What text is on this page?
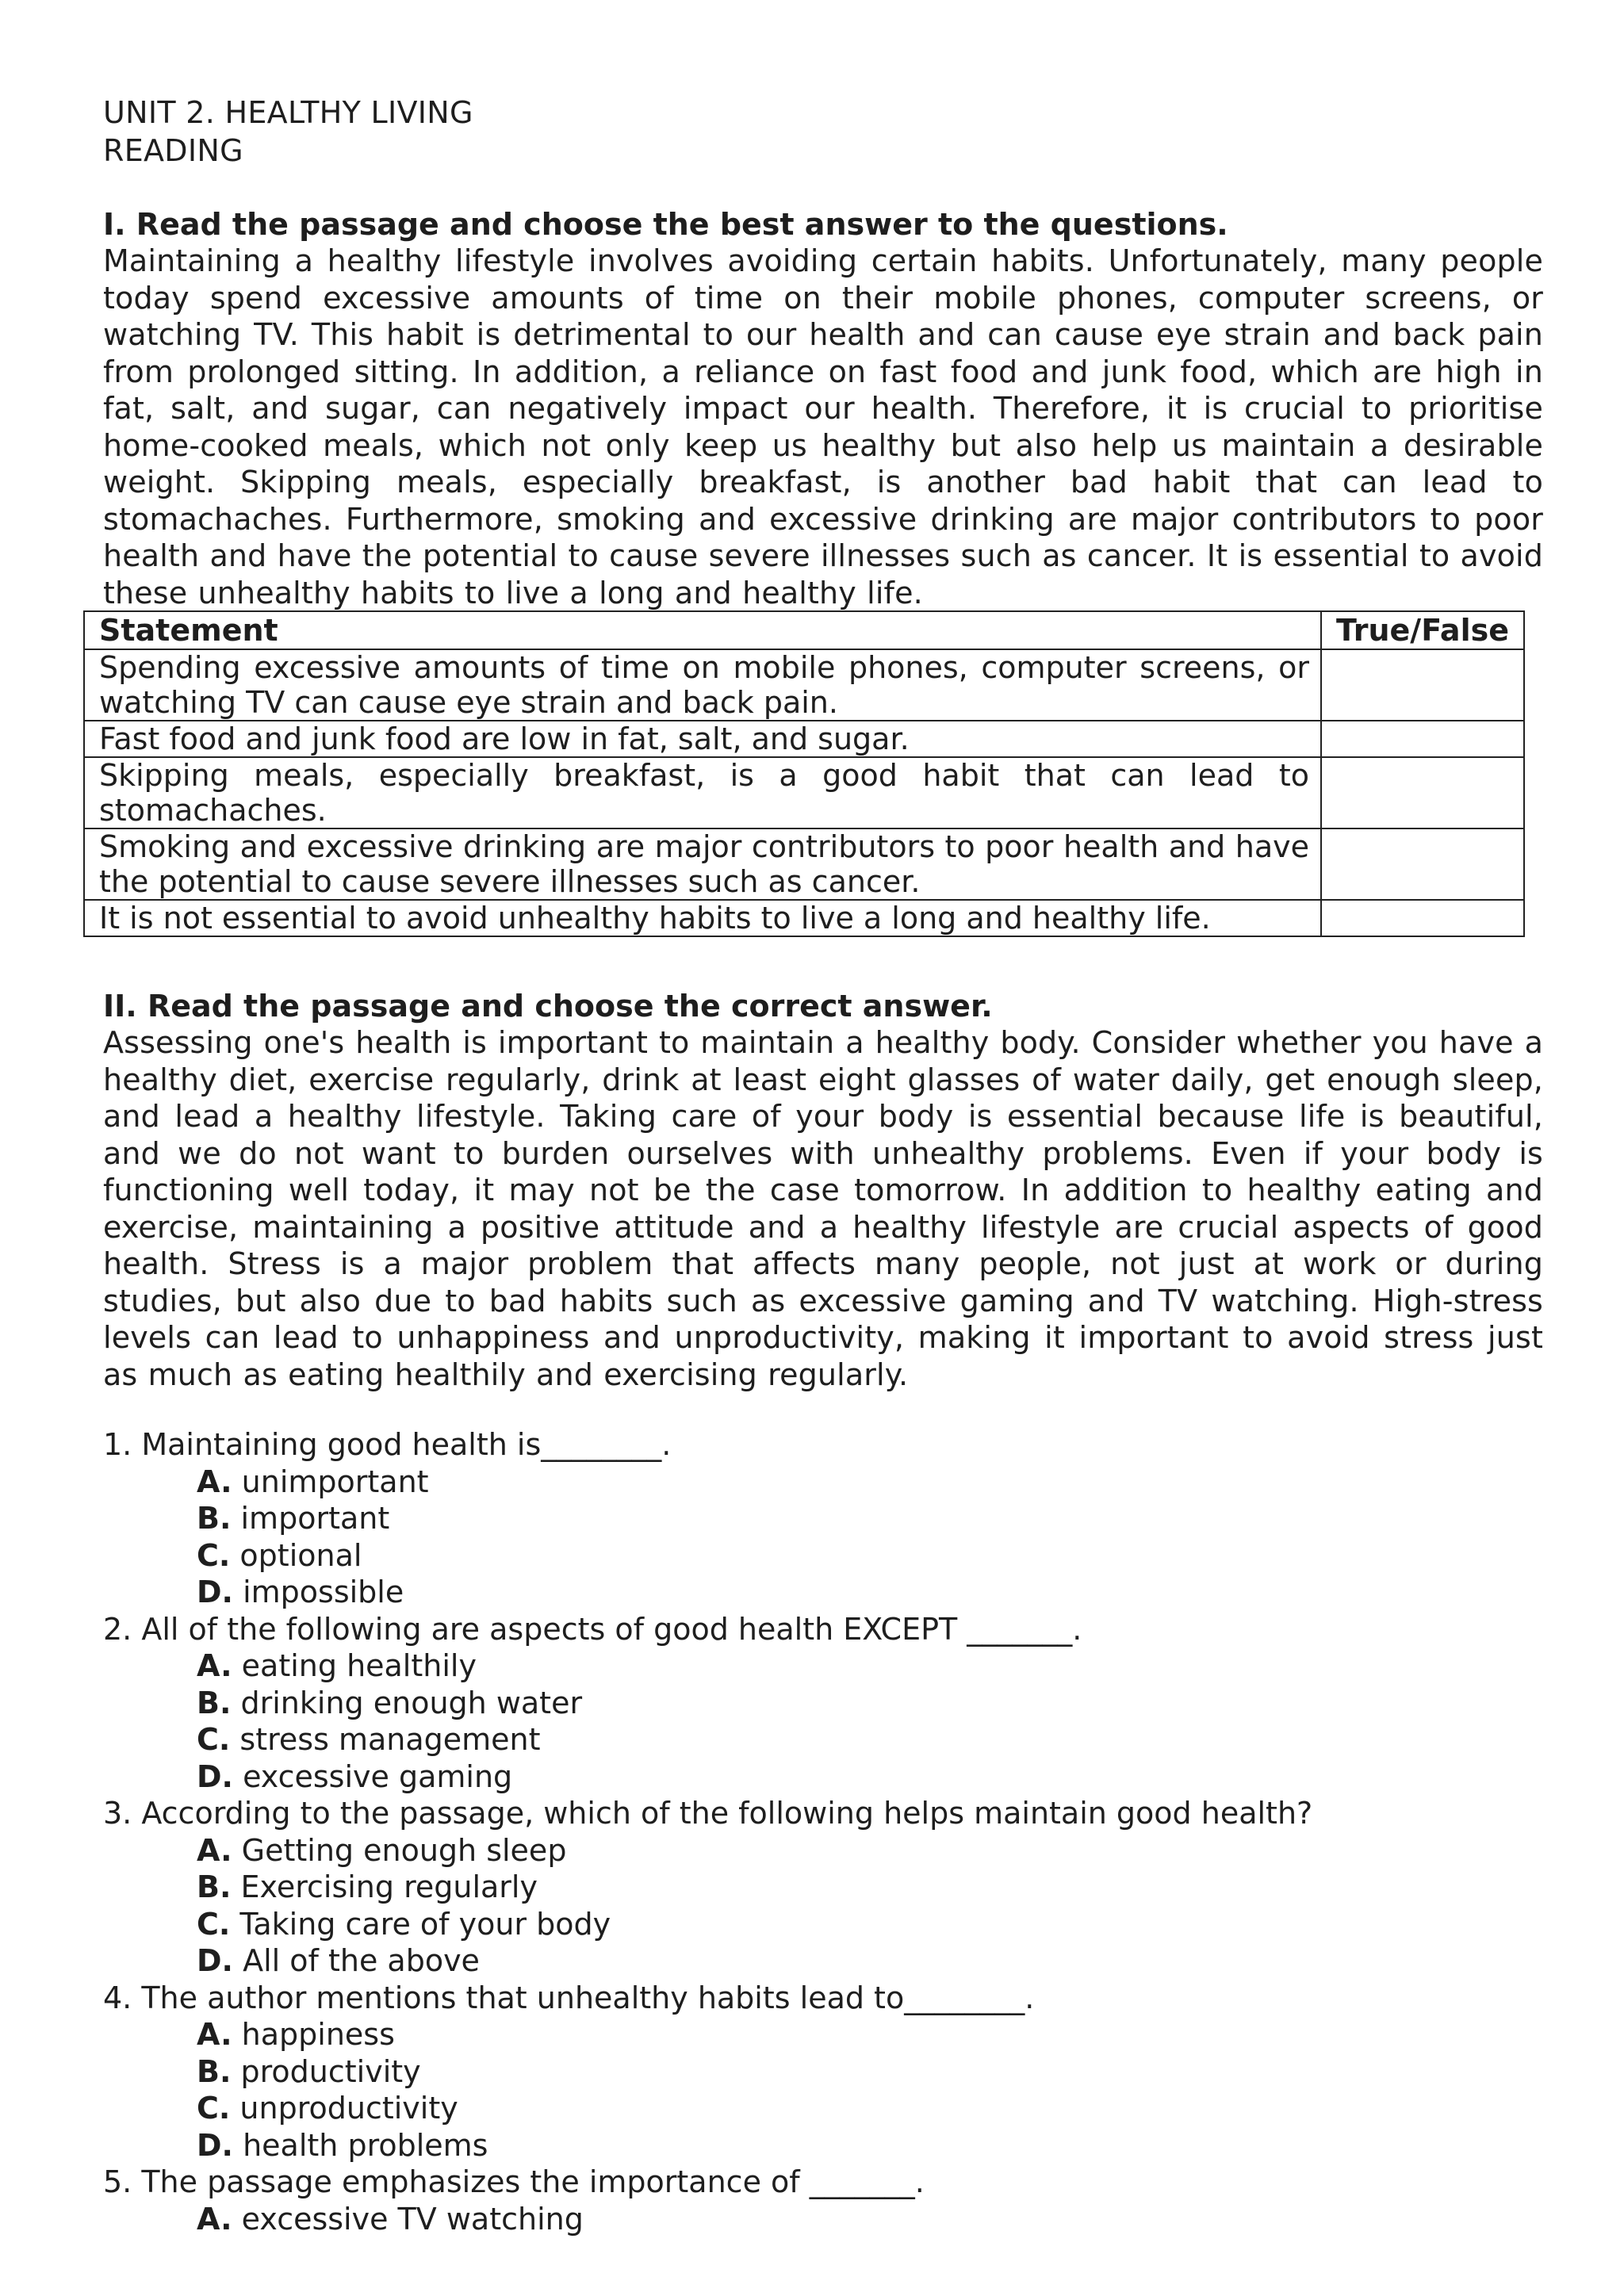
UNIT 2. HEALTHY LIVING
READING

I. Read the passage and choose the best answer to the questions.

Maintaining a healthy lifestyle involves avoiding certain habits. Unfortunately, many people today spend excessive amounts of time on their mobile phones, computer screens, or watching TV. This habit is detrimental to our health and can cause eye strain and back pain from prolonged sitting. In addition, a reliance on fast food and junk food, which are high in fat, salt, and sugar, can negatively impact our health. Therefore, it is crucial to prioritise home-cooked meals, which not only keep us healthy but also help us maintain a desirable weight. Skipping meals, especially breakfast, is another bad habit that can lead to stomachaches. Furthermore, smoking and excessive drinking are major contributors to poor health and have the potential to cause severe illnesses such as cancer. It is essential to avoid these unhealthy habits to live a long and healthy life.

Statement	True/False
Spending excessive amounts of time on mobile phones, computer screens, or watching TV can cause eye strain and back pain.	
Fast food and junk food are low in fat, salt, and sugar.	
Skipping meals, especially breakfast, is a good habit that can lead to stomachaches.	
Smoking and excessive drinking are major contributors to poor health and have the potential to cause severe illnesses such as cancer.	
It is not essential to avoid unhealthy habits to live a long and healthy life.	

II. Read the passage and choose the correct answer.

Assessing one's health is important to maintain a healthy body. Consider whether you have a healthy diet, exercise regularly, drink at least eight glasses of water daily, get enough sleep, and lead a healthy lifestyle. Taking care of your body is essential because life is beautiful, and we do not want to burden ourselves with unhealthy problems. Even if your body is functioning well today, it may not be the case tomorrow. In addition to healthy eating and exercise, maintaining a positive attitude and a healthy lifestyle are crucial aspects of good health. Stress is a major problem that affects many people, not just at work or during studies, but also due to bad habits such as excessive gaming and TV watching. High-stress levels can lead to unhappiness and unproductivity, making it important to avoid stress just as much as eating healthily and exercising regularly.

1. Maintaining good health is________.

A. unimportant

B. important

C. optional

D. impossible

2. All of the following are aspects of good health EXCEPT _______.

A. eating healthily

B. drinking enough water

C. stress management

D. excessive gaming

3. According to the passage, which of the following helps maintain good health?

A. Getting enough sleep

B. Exercising regularly

C. Taking care of your body

D. All of the above

4. The author mentions that unhealthy habits lead to________.

A. happiness

B. productivity

C. unproductivity

D. health problems

5. The passage emphasizes the importance of _______.

A. excessive TV watching
